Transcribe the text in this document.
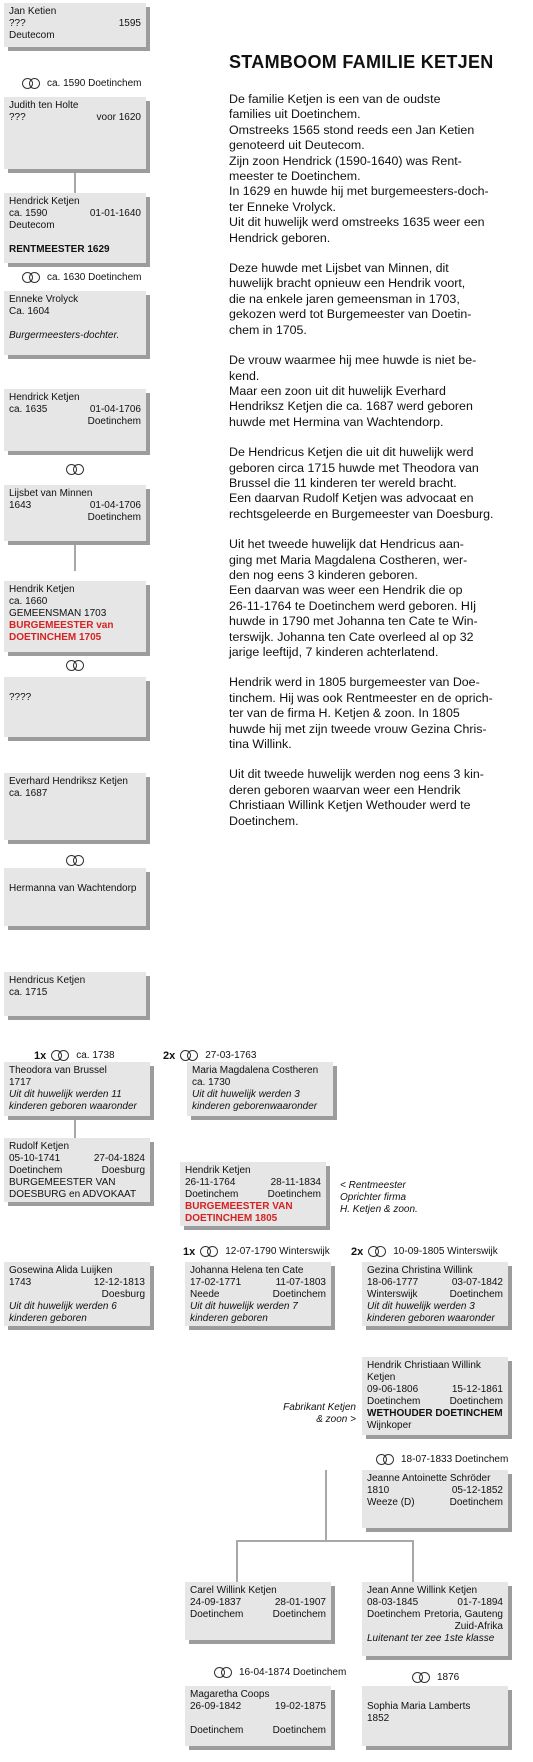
STAMBOOM FAMILIE KETJEN

De familie Ketjen is een van de oudste
families uit Doetinchem.
Omstreeks 1565 stond reeds een Jan Ketien
genoteerd uit Deutecom.
Zijn zoon Hendrick (1590-1640) was Rent-
meester te Doetinchem.
In 1629 en huwde hij met burgemeesters-doch-
ter Enneke Vrolyck.
Uit dit huwelijk werd omstreeks 1635 weer een
Hendrick geboren.

Deze huwde met Lijsbet van Minnen, dit
huwelijk bracht opnieuw een Hendrik voort,
die na enkele jaren gemeensman in 1703,
gekozen werd tot Burgemeester van Doetin-
chem in 1705.

De vrouw waarmee hij mee huwde is niet be-
kend.
Maar een zoon uit dit huwelijk Everhard
Hendriksz Ketjen die ca. 1687 werd geboren
huwde met Hermina van Wachtendorp.

De Hendricus Ketjen die uit dit huwelijk werd
geboren circa 1715 huwde met Theodora van
Brussel die 11 kinderen ter wereld bracht.
Een daarvan Rudolf Ketjen was advocaat en
rechtsgeleerde en Burgemeester van Doesburg.

Uit het tweede huwelijk dat Hendricus aan-
ging met Maria Magdalena Costheren, wer-
den nog eens 3 kinderen geboren.
Een daarvan was weer een Hendrik die op
26-11-1764 te Doetinchem werd geboren. HIj
huwde in 1790 met Johanna ten Cate te Win-
terswijk. Johanna ten Cate overleed al op 32
jarige leeftijd, 7 kinderen achterlatend.

Hendrik werd in 1805 burgemeester van Doe-
tinchem. Hij was ook Rentmeester en de oprich-
ter van de firma H. Ketjen & zoon. In 1805
huwde hij met zijn tweede vrouw Gezina Chris-
tina Willink.

Uit dit tweede huwelijk werden nog eens 3 kin-
deren geboren waarvan weer een Hendrik
Christiaan Willink Ketjen Wethouder werd te
Doetinchem.

Jan Ketien
???	1595
Deutecom
Judith ten Holte
???	voor 1620
Hendrick Ketjen
ca. 1590	01-01-1640
Deutecom
RENTMEESTER 1629
Enneke Vrolyck
Ca. 1604
Burgermeesters-dochter.
Hendrick Ketjen
ca. 1635	01-04-1706
Doetinchem
Lijsbet van Minnen
1643	01-04-1706
Doetinchem
Hendrik Ketjen
ca. 1660
GEMEENSMAN 1703
BURGEMEESTER van
DOETINCHEM 1705
????
Everhard Hendriksz Ketjen
ca. 1687
Hermanna van Wachtendorp
Hendricus Ketjen
ca. 1715
Theodora van Brussel
1717
Uit dit huwelijk werden 11
kinderen geboren waaronder
Maria Magdalena Costheren
ca. 1730
Uit dit huwelijk werden 3
kinderen geborenwaaronder
Rudolf Ketjen
05-10-1741	27-04-1824
Doetinchem	Doesburg
BURGEMEESTER VAN
DOESBURG en ADVOKAAT
Hendrik Ketjen
26-11-1764	28-11-1834
Doetinchem	Doetinchem
BURGEMEESTER VAN
DOETINCHEM 1805
Gosewina Alida Luijken
1743	12-12-1813
Doesburg
Uit dit huwelijk werden 6
kinderen geboren
Johanna Helena ten Cate
17-02-1771	11-07-1803
Neede	Doetinchem
Uit dit huwelijk werden 7
kinderen geboren
Gezina Christina Willink
18-06-1777	03-07-1842
Winterswijk	Doetinchem
Uit dit huwelijk werden 3
kinderen geboren waaronder
Hendrik Christiaan Willink
Ketjen
09-06-1806	15-12-1861
Doetinchem	Doetinchem
WETHOUDER DOETINCHEM
Wijnkoper
Jeanne Antoinette Schröder
1810	05-12-1852
Weeze (D)	Doetinchem
Carel Willink Ketjen
24-09-1837	28-01-1907
Doetinchem	Doetinchem
Jean Anne Willink Ketjen
08-03-1845	01-7-1894
Doetinchem Pretoria, Gauteng
Zuid-Afrika
Luitenant ter zee 1ste klasse
Magaretha Coops
26-09-1842	19-02-1875
Doetinchem	Doetinchem
Sophia Maria Lamberts
1852
ca. 1590 Doetinchem
ca. 1630 Doetinchem
1x	ca. 1738	2x	27-03-1763
1x	12-07-1790 Winterswijk 2x	10-09-1805 Winterswijk
18-07-1833 Doetinchem
16-04-1874 Doetinchem	1876
< Rentmeester
Oprichter firma
H. Ketjen & zoon.
Fabrikant Ketjen
& zoon >
